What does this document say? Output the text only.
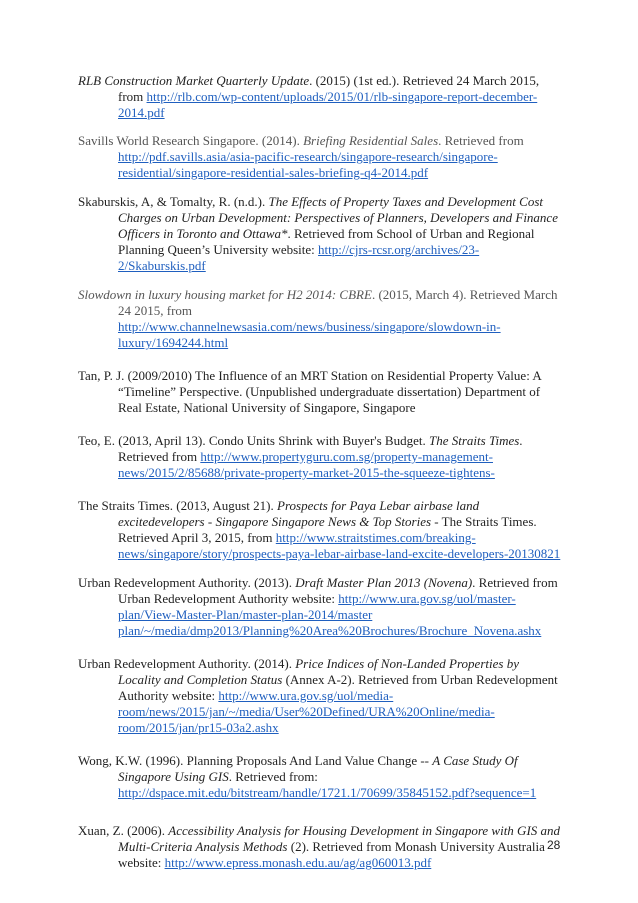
RLB Construction Market Quarterly Update. (2015) (1st ed.). Retrieved 24 March 2015, from http://rlb.com/wp-content/uploads/2015/01/rlb-singapore-report-december-2014.pdf

Savills World Research Singapore. (2014). Briefing Residential Sales. Retrieved from http://pdf.savills.asia/asia-pacific-research/singapore-research/singapore-residential/singapore-residential-sales-briefing-q4-2014.pdf

Skaburskis, A, & Tomalty, R. (n.d.). The Effects of Property Taxes and Development Cost Charges on Urban Development: Perspectives of Planners, Developers and Finance Officers in Toronto and Ottawa*. Retrieved from School of Urban and Regional Planning Queen’s University website: http://cjrs-rcsr.org/archives/23-2/Skaburskis.pdf

Slowdown in luxury housing market for H2 2014: CBRE. (2015, March 4). Retrieved March 24 2015, from http://www.channelnewsasia.com/news/business/singapore/slowdown-in-luxury/1694244.html

Tan, P. J. (2009/2010) The Influence of an MRT Station on Residential Property Value: A “Timeline” Perspective. (Unpublished undergraduate dissertation) Department of Real Estate, National University of Singapore, Singapore

Teo, E. (2013, April 13). Condo Units Shrink with Buyer's Budget. The Straits Times. Retrieved from http://www.propertyguru.com.sg/property-management-news/2015/2/85688/private-property-market-2015-the-squeeze-tightens-

The Straits Times. (2013, August 21). Prospects for Paya Lebar airbase land excitedevelopers - Singapore Singapore News & Top Stories - The Straits Times. Retrieved April 3, 2015, from http://www.straitstimes.com/breaking-news/singapore/story/prospects-paya-lebar-airbase-land-excite-developers-20130821

Urban Redevelopment Authority. (2013). Draft Master Plan 2013 (Novena). Retrieved from Urban Redevelopment Authority website: http://www.ura.gov.sg/uol/master-plan/View-Master-Plan/master-plan-2014/master plan/~/media/dmp2013/Planning%20Area%20Brochures/Brochure_Novena.ashx

Urban Redevelopment Authority. (2014). Price Indices of Non-Landed Properties by Locality and Completion Status (Annex A-2). Retrieved from Urban Redevelopment Authority website: http://www.ura.gov.sg/uol/media-room/news/2015/jan/~/media/User%20Defined/URA%20Online/media-room/2015/jan/pr15-03a2.ashx

Wong, K.W. (1996). Planning Proposals And Land Value Change -- A Case Study Of Singapore Using GIS. Retrieved from: http://dspace.mit.edu/bitstream/handle/1721.1/70699/35845152.pdf?sequence=1

Xuan, Z. (2006). Accessibility Analysis for Housing Development in Singapore with GIS and Multi-Criteria Analysis Methods (2). Retrieved from Monash University Australia website: http://www.epress.monash.edu.au/ag/ag060013.pdf

28
